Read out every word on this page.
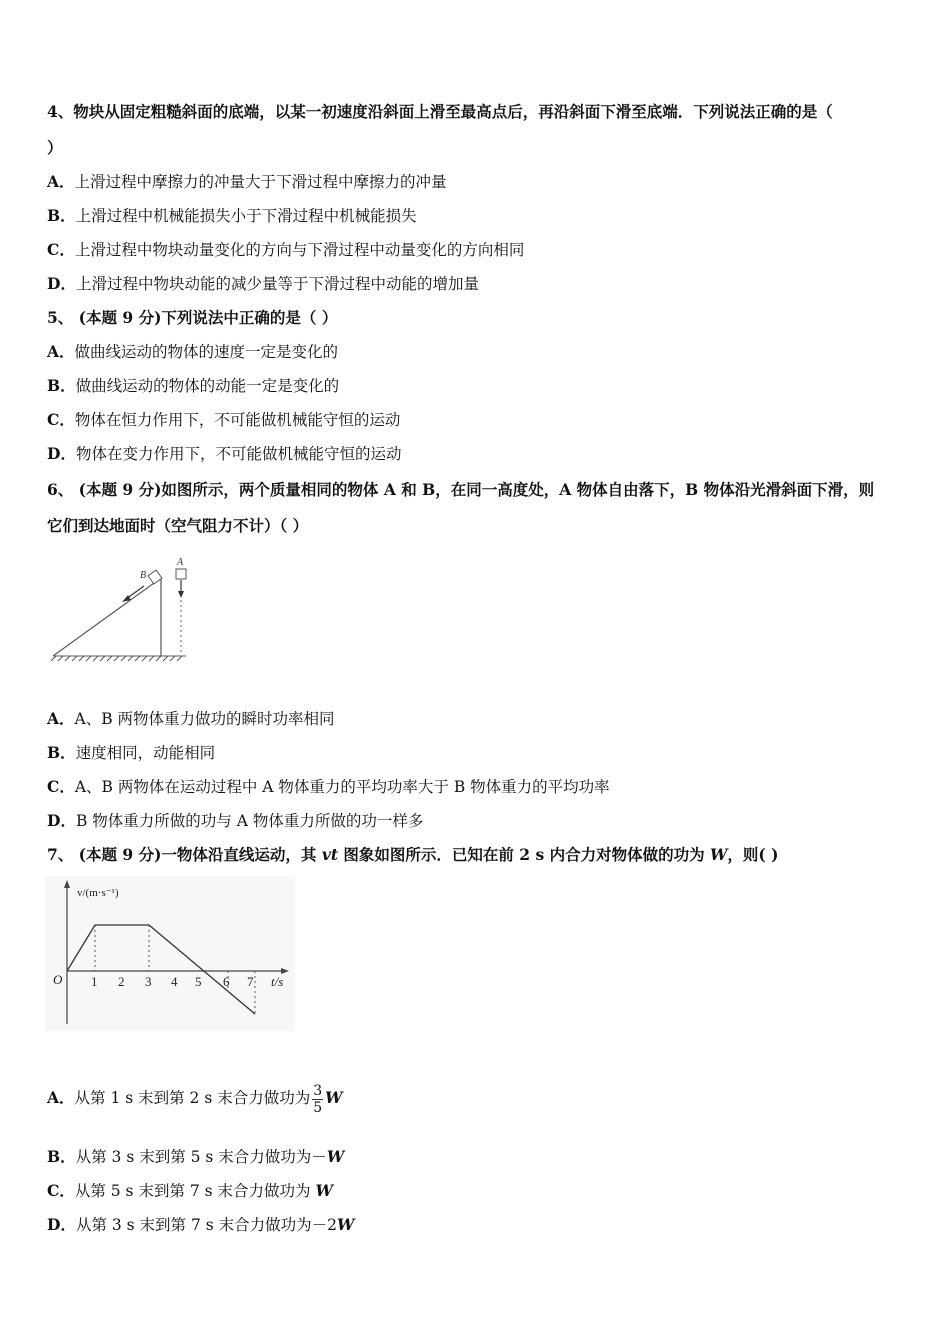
4、物块从固定粗糙斜面的底端，以某一初速度沿斜面上滑至最高点后，再沿斜面下滑至底端．下列说法正确的是（
）
A．上滑过程中摩擦力的冲量大于下滑过程中摩擦力的冲量
B．上滑过程中机械能损失小于下滑过程中机械能损失
C．上滑过程中物块动量变化的方向与下滑过程中动量变化的方向相同
D．上滑过程中物块动能的减少量等于下滑过程中动能的增加量
5、 (本题 9 分)下列说法中正确的是（ ）
A．做曲线运动的物体的速度一定是变化的
B．做曲线运动的物体的动能一定是变化的
C．物体在恒力作用下，不可能做机械能守恒的运动
D．物体在变力作用下，不可能做机械能守恒的运动
6、 (本题 9 分)如图所示，两个质量相同的物体 A 和 B，在同一高度处，A 物体自由落下，B 物体沿光滑斜面下滑，则
它们到达地面时（空气阻力不计）（ ）
B
A
A．A、B 两物体重力做功的瞬时功率相同
B．速度相同，动能相同
C．A、B 两物体在运动过程中 A 物体重力的平均功率大于 B 物体重力的平均功率
D．B 物体重力所做的功与 A 物体重力所做的功一样多
7、 (本题 9 分)一物体沿直线运动，其 vt 图象如图所示．已知在前 2 s 内合力对物体做的功为 W，则( )
O 1 2 3 4 5 6 7 t/s
v/(m·s⁻¹)
A．从第 1 s 末到第 2 s 末合力做功为 $\frac{3}{5}$ W
B．从第 3 s 末到第 5 s 末合力做功为－W
C．从第 5 s 末到第 7 s 末合力做功为 W
D．从第 3 s 末到第 7 s 末合力做功为－2W
